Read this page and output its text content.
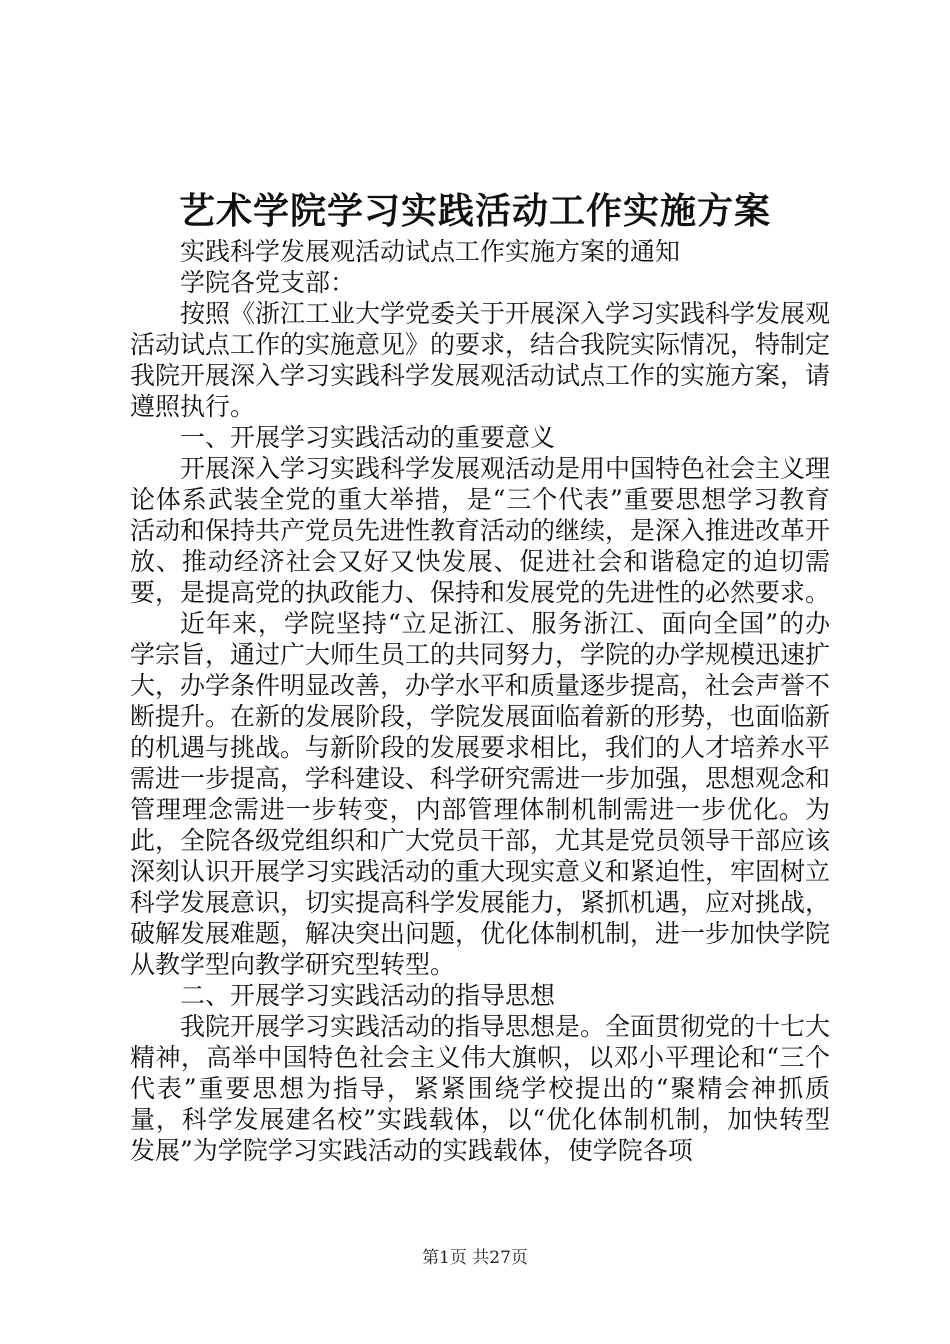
艺术学院学习实践活动工作实施方案

实践科学发展观活动试点工作实施方案的通知

学院各党支部：

按照《浙江工业大学党委关于开展深入学习实践科学发展观活动试点工作的实施意见》的要求，结合我院实际情况，特制定我院开展深入学习实践科学发展观活动试点工作的实施方案，请遵照执行。

一、开展学习实践活动的重要意义

开展深入学习实践科学发展观活动是用中国特色社会主义理论体系武装全党的重大举措，是“三个代表”重要思想学习教育活动和保持共产党员先进性教育活动的继续，是深入推进改革开放、推动经济社会又好又快发展、促进社会和谐稳定的迫切需要，是提高党的执政能力、保持和发展党的先进性的必然要求。

近年来，学院坚持“立足浙江、服务浙江、面向全国”的办学宗旨，通过广大师生员工的共同努力，学院的办学规模迅速扩大，办学条件明显改善，办学水平和质量逐步提高，社会声誉不断提升。在新的发展阶段，学院发展面临着新的形势，也面临新的机遇与挑战。与新阶段的发展要求相比，我们的人才培养水平需进一步提高，学科建设、科学研究需进一步加强，思想观念和管理理念需进一步转变，内部管理体制机制需进一步优化。为此，全院各级党组织和广大党员干部，尤其是党员领导干部应该深刻认识开展学习实践活动的重大现实意义和紧迫性，牢固树立科学发展意识，切实提高科学发展能力，紧抓机遇，应对挑战，破解发展难题，解决突出问题，优化体制机制，进一步加快学院从教学型向教学研究型转型。

二、开展学习实践活动的指导思想

我院开展学习实践活动的指导思想是。全面贯彻党的十七大精神，高举中国特色社会主义伟大旗帜，以邓小平理论和“三个代表”重要思想为指导，紧紧围绕学校提出的“聚精会神抓质量，科学发展建名校”实践载体，以“优化体制机制，加快转型发展”为学院学习实践活动的实践载体，使学院各项

第1页 共27页
